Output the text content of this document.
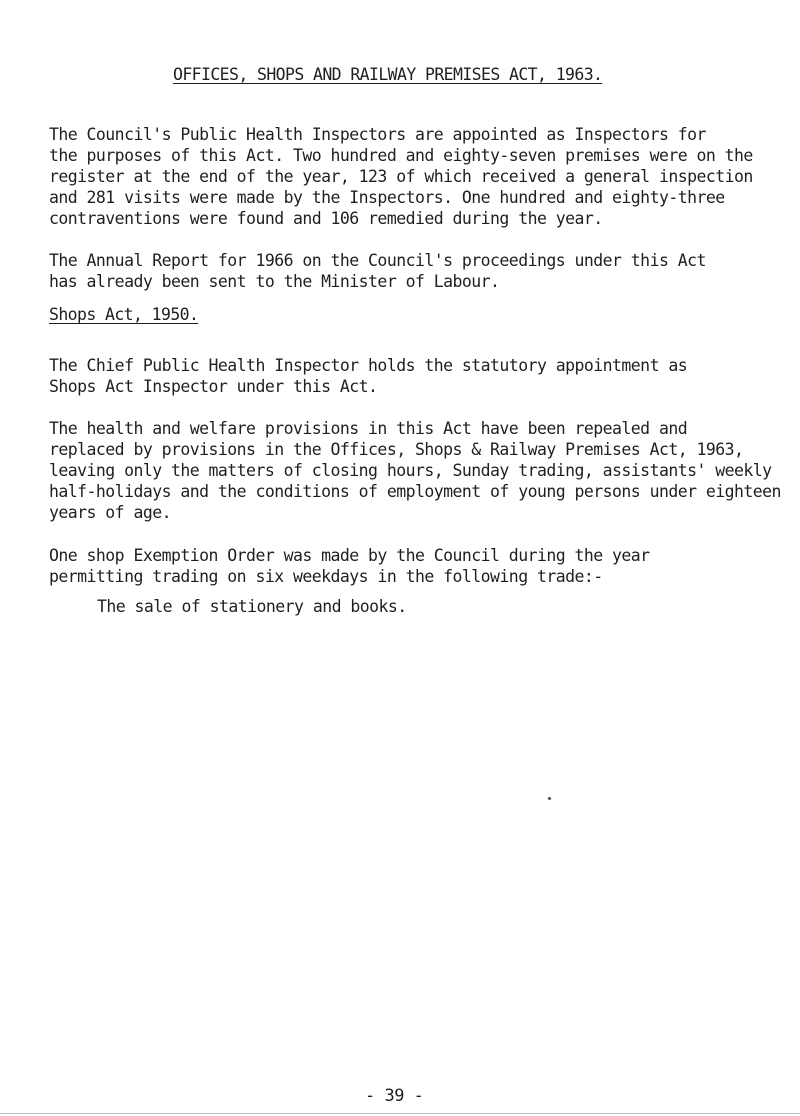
OFFICES, SHOPS AND RAILWAY PREMISES ACT, 1963.

The Council's Public Health Inspectors are appointed as Inspectors for
the purposes of this Act. Two hundred and eighty-seven premises were on the
register at the end of the year, 123 of which received a general inspection
and 281 visits were made by the Inspectors. One hundred and eighty-three
contraventions were found and 106 remedied during the year.

The Annual Report for 1966 on the Council's proceedings under this Act
has already been sent to the Minister of Labour.

Shops Act, 1950.

The Chief Public Health Inspector holds the statutory appointment as
Shops Act Inspector under this Act.

The health and welfare provisions in this Act have been repealed and
replaced by provisions in the Offices, Shops & Railway Premises Act, 1963,
leaving only the matters of closing hours, Sunday trading, assistants' weekly
half-holidays and the conditions of employment of young persons under eighteen
years of age.

One shop Exemption Order was made by the Council during the year
permitting trading on six weekdays in the following trade:-

The sale of stationery and books.
- 39 -
